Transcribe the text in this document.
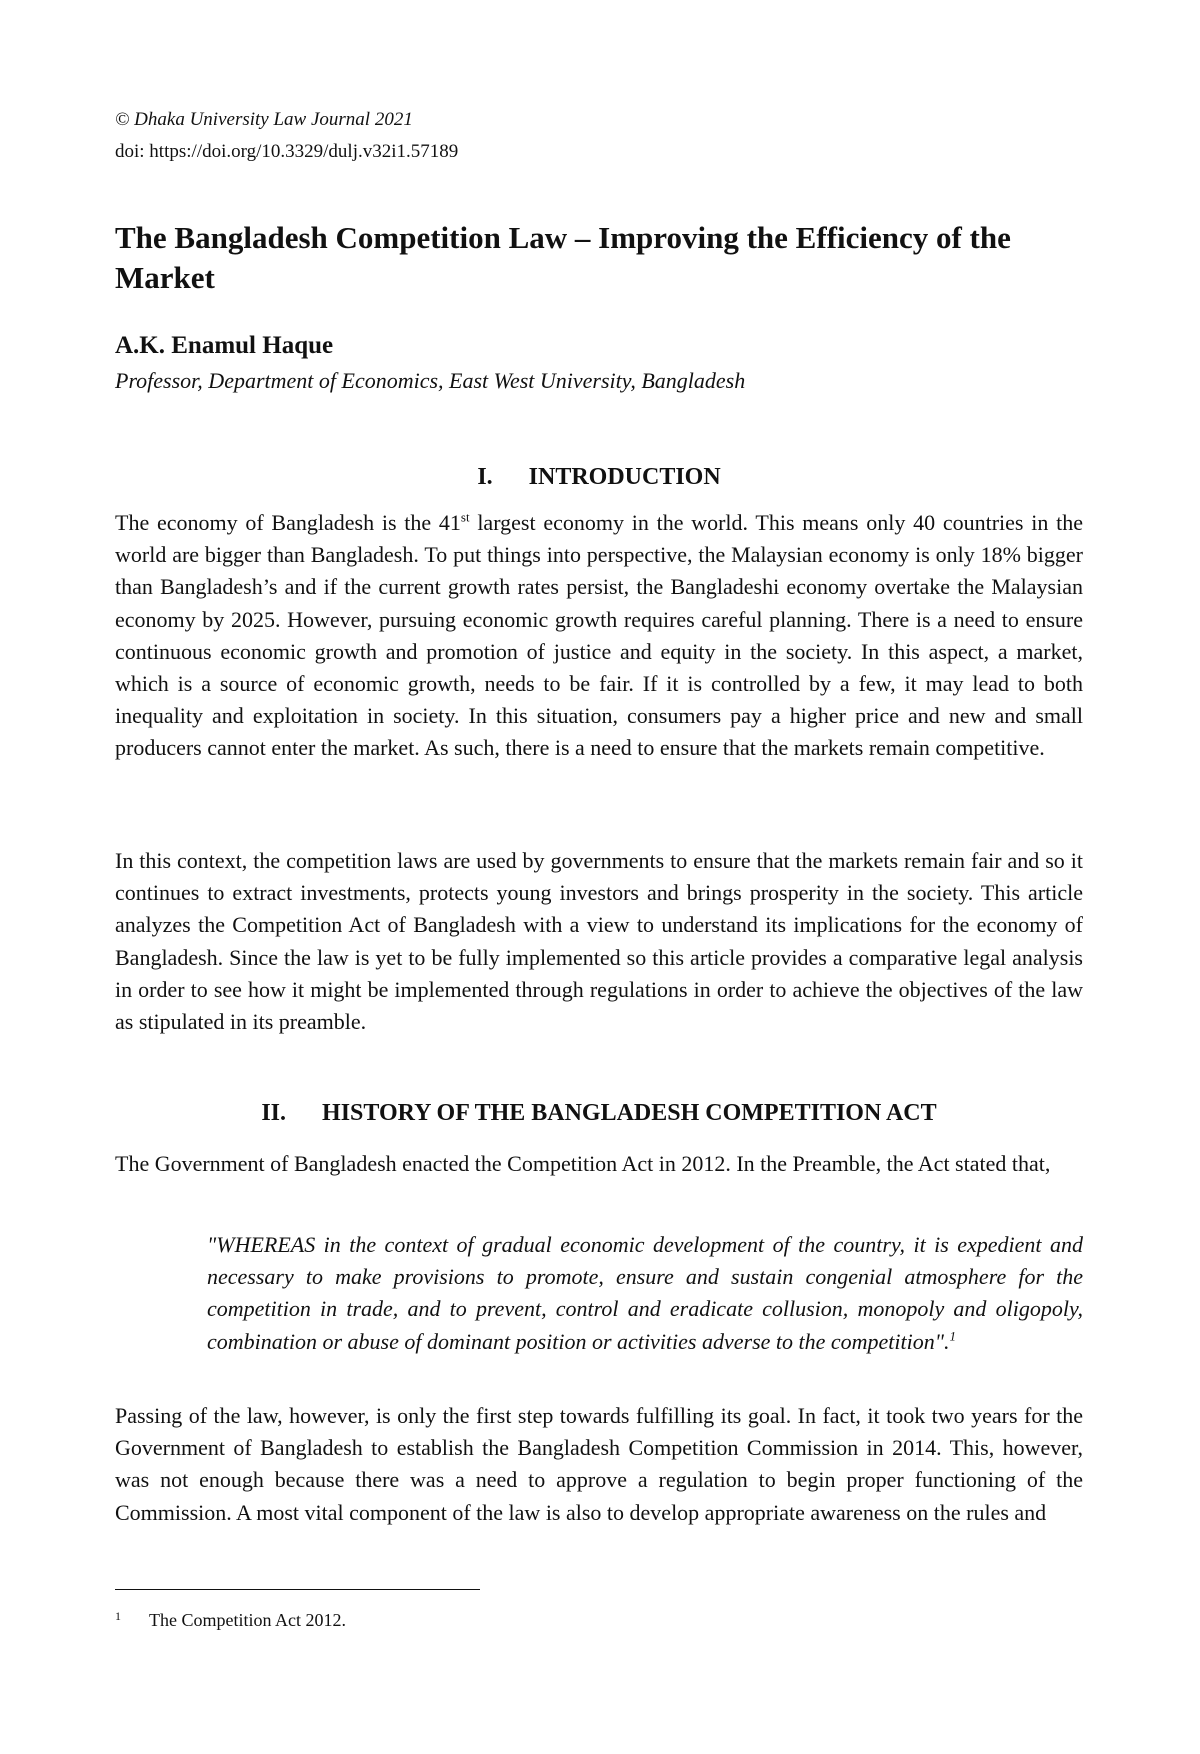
© Dhaka University Law Journal 2021
doi: https://doi.org/10.3329/dulj.v32i1.57189
The Bangladesh Competition Law – Improving the Efficiency of the Market
A.K. Enamul Haque
Professor, Department of Economics, East West University, Bangladesh
I. INTRODUCTION

The economy of Bangladesh is the 41st largest economy in the world. This means only 40 countries in the world are bigger than Bangladesh. To put things into perspective, the Malaysian economy is only 18% bigger than Bangladesh’s and if the current growth rates persist, the Bangladeshi economy overtake the Malaysian economy by 2025. However, pursuing economic growth requires careful planning. There is a need to ensure continuous economic growth and promotion of justice and equity in the society. In this aspect, a market, which is a source of economic growth, needs to be fair. If it is controlled by a few, it may lead to both inequality and exploitation in society. In this situation, consumers pay a higher price and new and small producers cannot enter the market. As such, there is a need to ensure that the markets remain competitive.

In this context, the competition laws are used by governments to ensure that the markets remain fair and so it continues to extract investments, protects young investors and brings prosperity in the society. This article analyzes the Competition Act of Bangladesh with a view to understand its implications for the economy of Bangladesh. Since the law is yet to be fully implemented so this article provides a comparative legal analysis in order to see how it might be implemented through regulations in order to achieve the objectives of the law as stipulated in its preamble.

II. HISTORY OF THE BANGLADESH COMPETITION ACT

The Government of Bangladesh enacted the Competition Act in 2012. In the Preamble, the Act stated that,

"WHEREAS in the context of gradual economic development of the country, it is expedient and necessary to make provisions to promote, ensure and sustain congenial atmosphere for the competition in trade, and to prevent, control and eradicate collusion, monopoly and oligopoly, combination or abuse of dominant position or activities adverse to the competition".$^1$

Passing of the law, however, is only the first step towards fulfilling its goal. In fact, it took two years for the Government of Bangladesh to establish the Bangladesh Competition Commission in 2014. This, however, was not enough because there was a need to approve a regulation to begin proper functioning of the Commission. A most vital component of the law is also to develop appropriate awareness on the rules and

1 The Competition Act 2012.
